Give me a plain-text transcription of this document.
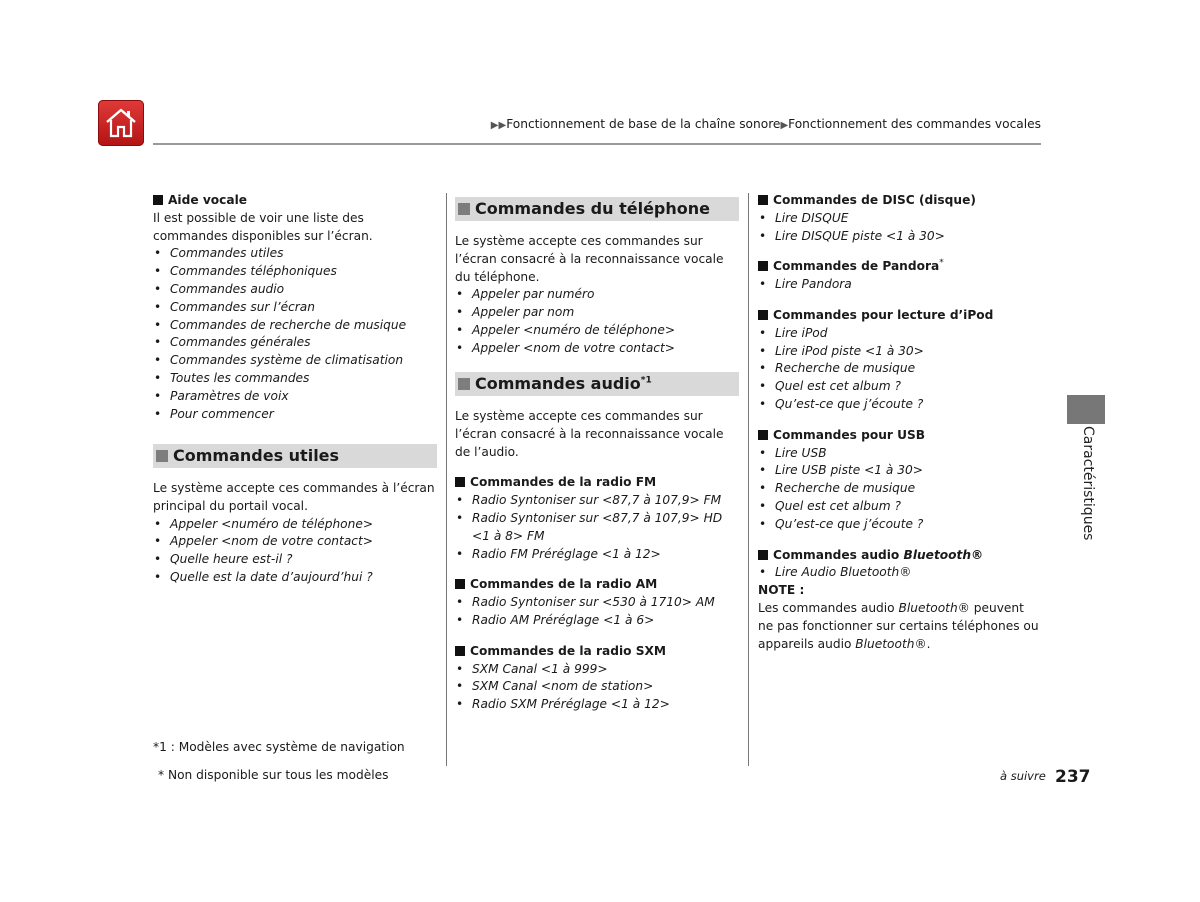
▶▶Fonctionnement de base de la chaîne sonore▶Fonctionnement des commandes vocales

Aide vocale

Il est possible de voir une liste des commandes disponibles sur l’écran.

• Commandes utiles
• Commandes téléphoniques
• Commandes audio
• Commandes sur l’écran
• Commandes de recherche de musique
• Commandes générales
• Commandes système de climatisation
• Toutes les commandes
• Paramètres de voix
• Pour commencer

Commandes utiles

Le système accepte ces commandes à l’écran principal du portail vocal.

• Appeler <numéro de téléphone>
• Appeler <nom de votre contact>
• Quelle heure est-il ?
• Quelle est la date d’aujourd’hui ?

Commandes du téléphone

Le système accepte ces commandes sur l’écran consacré à la reconnaissance vocale du téléphone.

• Appeler par numéro
• Appeler par nom
• Appeler <numéro de téléphone>
• Appeler <nom de votre contact>

Commandes audio$^{*1}$

Le système accepte ces commandes sur l’écran consacré à la reconnaissance vocale de l’audio.

Commandes de la radio FM

• Radio Syntoniser sur <87,7 à 107,9> FM
• Radio Syntoniser sur <87,7 à 107,9> HD <1 à 8> FM
• Radio FM Préréglage <1 à 12>

Commandes de la radio AM

• Radio Syntoniser sur <530 à 1710> AM
• Radio AM Préréglage <1 à 6>

Commandes de la radio SXM

• SXM Canal <1 à 999>
• SXM Canal <nom de station>
• Radio SXM Préréglage <1 à 12>

Commandes de DISC (disque)

• Lire DISQUE
• Lire DISQUE piste <1 à 30>

Commandes de Pandora*

• Lire Pandora

Commandes pour lecture d’iPod

• Lire iPod
• Lire iPod piste <1 à 30>
• Recherche de musique
• Quel est cet album ?
• Qu’est-ce que j’écoute ?

Commandes pour USB

• Lire USB
• Lire USB piste <1 à 30>
• Recherche de musique
• Quel est cet album ?
• Qu’est-ce que j’écoute ?

Commandes audio Bluetooth®

• Lire Audio Bluetooth®

NOTE :

Les commandes audio Bluetooth® peuvent ne pas fonctionner sur certains téléphones ou appareils audio Bluetooth®.

Caractéristiques
*1 : Modèles avec système de navigation
* Non disponible sur tous les modèles	à suivre 237
